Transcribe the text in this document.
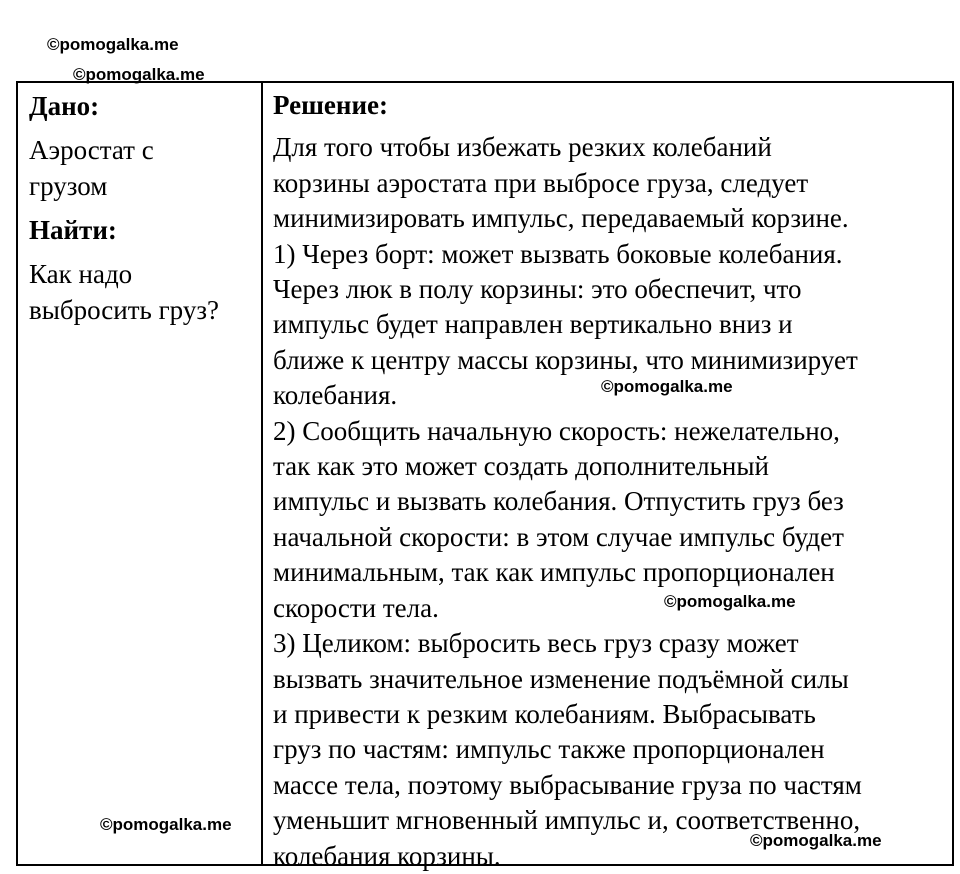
©pomogalka.me
©pomogalka.me
©pomogalka.me
©pomogalka.me
©pomogalka.me
©pomogalka.me
Дано:
Аэростат с
грузом
Найти:
Как надо
выбросить груз?
Решение:
Для того чтобы избежать резких колебаний
корзины аэростата при выбросе груза, следует
минимизировать импульс, передаваемый корзине.
1) Через борт: может вызвать боковые колебания.
Через люк в полу корзины: это обеспечит, что
импульс будет направлен вертикально вниз и
ближе к центру массы корзины, что минимизирует
колебания.
2) Сообщить начальную скорость: нежелательно,
так как это может создать дополнительный
импульс и вызвать колебания. Отпустить груз без
начальной скорости: в этом случае импульс будет
минимальным, так как импульс пропорционален
скорости тела.
3) Целиком: выбросить весь груз сразу может
вызвать значительное изменение подъёмной силы
и привести к резким колебаниям. Выбрасывать
груз по частям: импульс также пропорционален
массе тела, поэтому выбрасывание груза по частям
уменьшит мгновенный импульс и, соответственно,
колебания корзины.
